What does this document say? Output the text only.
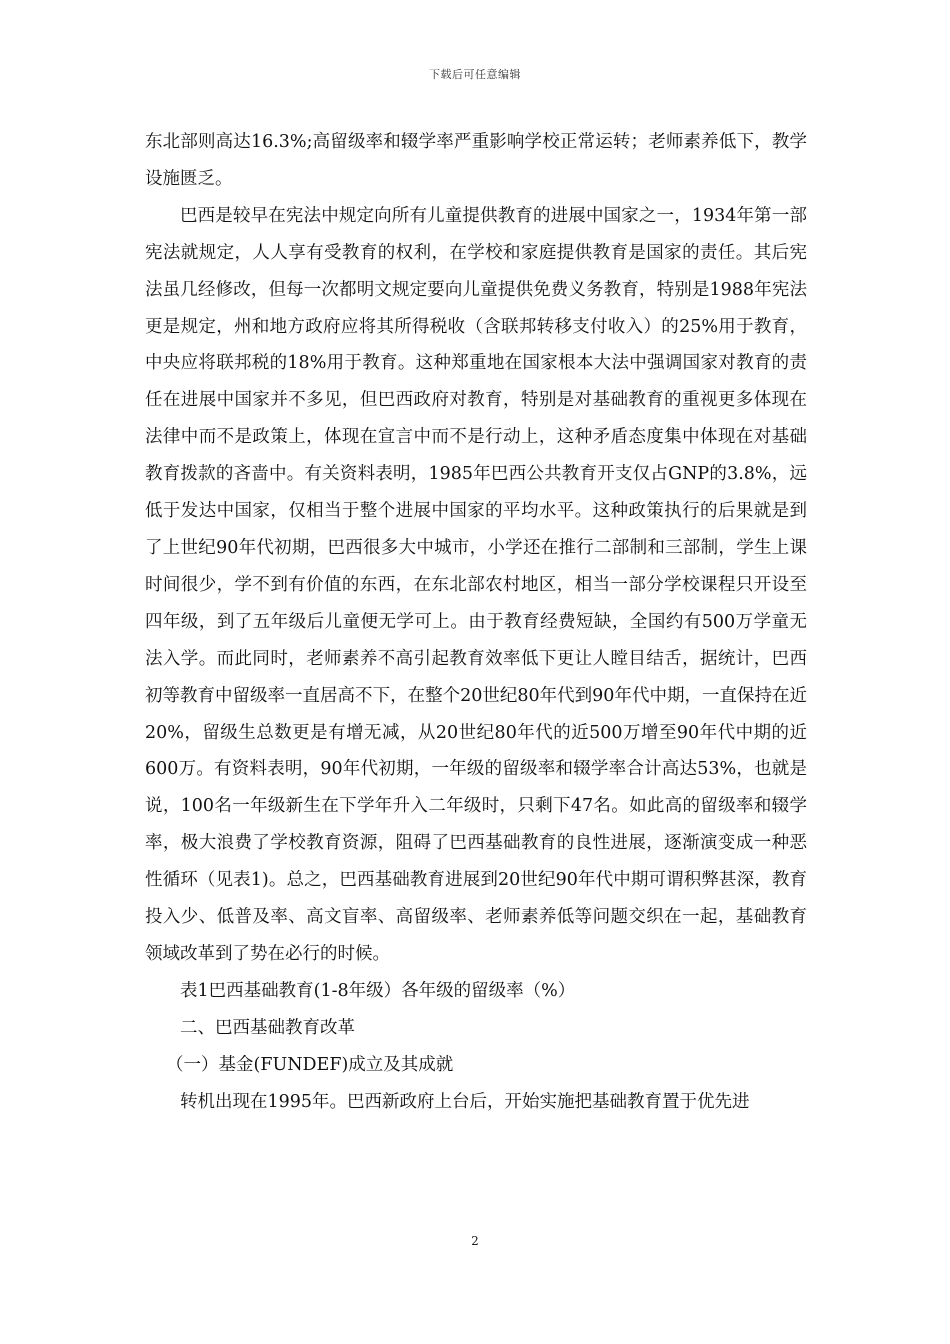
下载后可任意编辑

东北部则高达16.3%;高留级率和辍学率严重影响学校正常运转；老师素养低下，教学设施匮乏。

巴西是较早在宪法中规定向所有儿童提供教育的进展中国家之一，1934年第一部宪法就规定，人人享有受教育的权利，在学校和家庭提供教育是国家的责任。其后宪法虽几经修改，但每一次都明文规定要向儿童提供免费义务教育，特别是1988年宪法更是规定，州和地方政府应将其所得税收（含联邦转移支付收入）的25%用于教育，中央应将联邦税的18%用于教育。这种郑重地在国家根本大法中强调国家对教育的责任在进展中国家并不多见，但巴西政府对教育，特别是对基础教育的重视更多体现在法律中而不是政策上，体现在宣言中而不是行动上，这种矛盾态度集中体现在对基础教育拨款的吝啬中。有关资料表明，1985年巴西公共教育开支仅占GNP的3.8%，远低于发达中国家，仅相当于整个进展中国家的平均水平。这种政策执行的后果就是到了上世纪90年代初期，巴西很多大中城市，小学还在推行二部制和三部制，学生上课时间很少，学不到有价值的东西，在东北部农村地区，相当一部分学校课程只开设至四年级，到了五年级后儿童便无学可上。由于教育经费短缺，全国约有500万学童无法入学。而此同时，老师素养不高引起教育效率低下更让人瞠目结舌，据统计，巴西初等教育中留级率一直居高不下，在整个20世纪80年代到90年代中期，一直保持在近20%，留级生总数更是有增无减，从20世纪80年代的近500万增至90年代中期的近600万。有资料表明，90年代初期，一年级的留级率和辍学率合计高达53%，也就是说，100名一年级新生在下学年升入二年级时，只剩下47名。如此高的留级率和辍学率，极大浪费了学校教育资源，阻碍了巴西基础教育的良性进展，逐渐演变成一种恶性循环（见表1)。总之，巴西基础教育进展到20世纪90年代中期可谓积弊甚深，教育投入少、低普及率、高文盲率、高留级率、老师素养低等问题交织在一起，基础教育领域改革到了势在必行的时候。

表1巴西基础教育(1-8年级）各年级的留级率（%）

二、巴西基础教育改革

（一）基金(FUNDEF)成立及其成就

转机出现在1995年。巴西新政府上台后，开始实施把基础教育置于优先进

2
